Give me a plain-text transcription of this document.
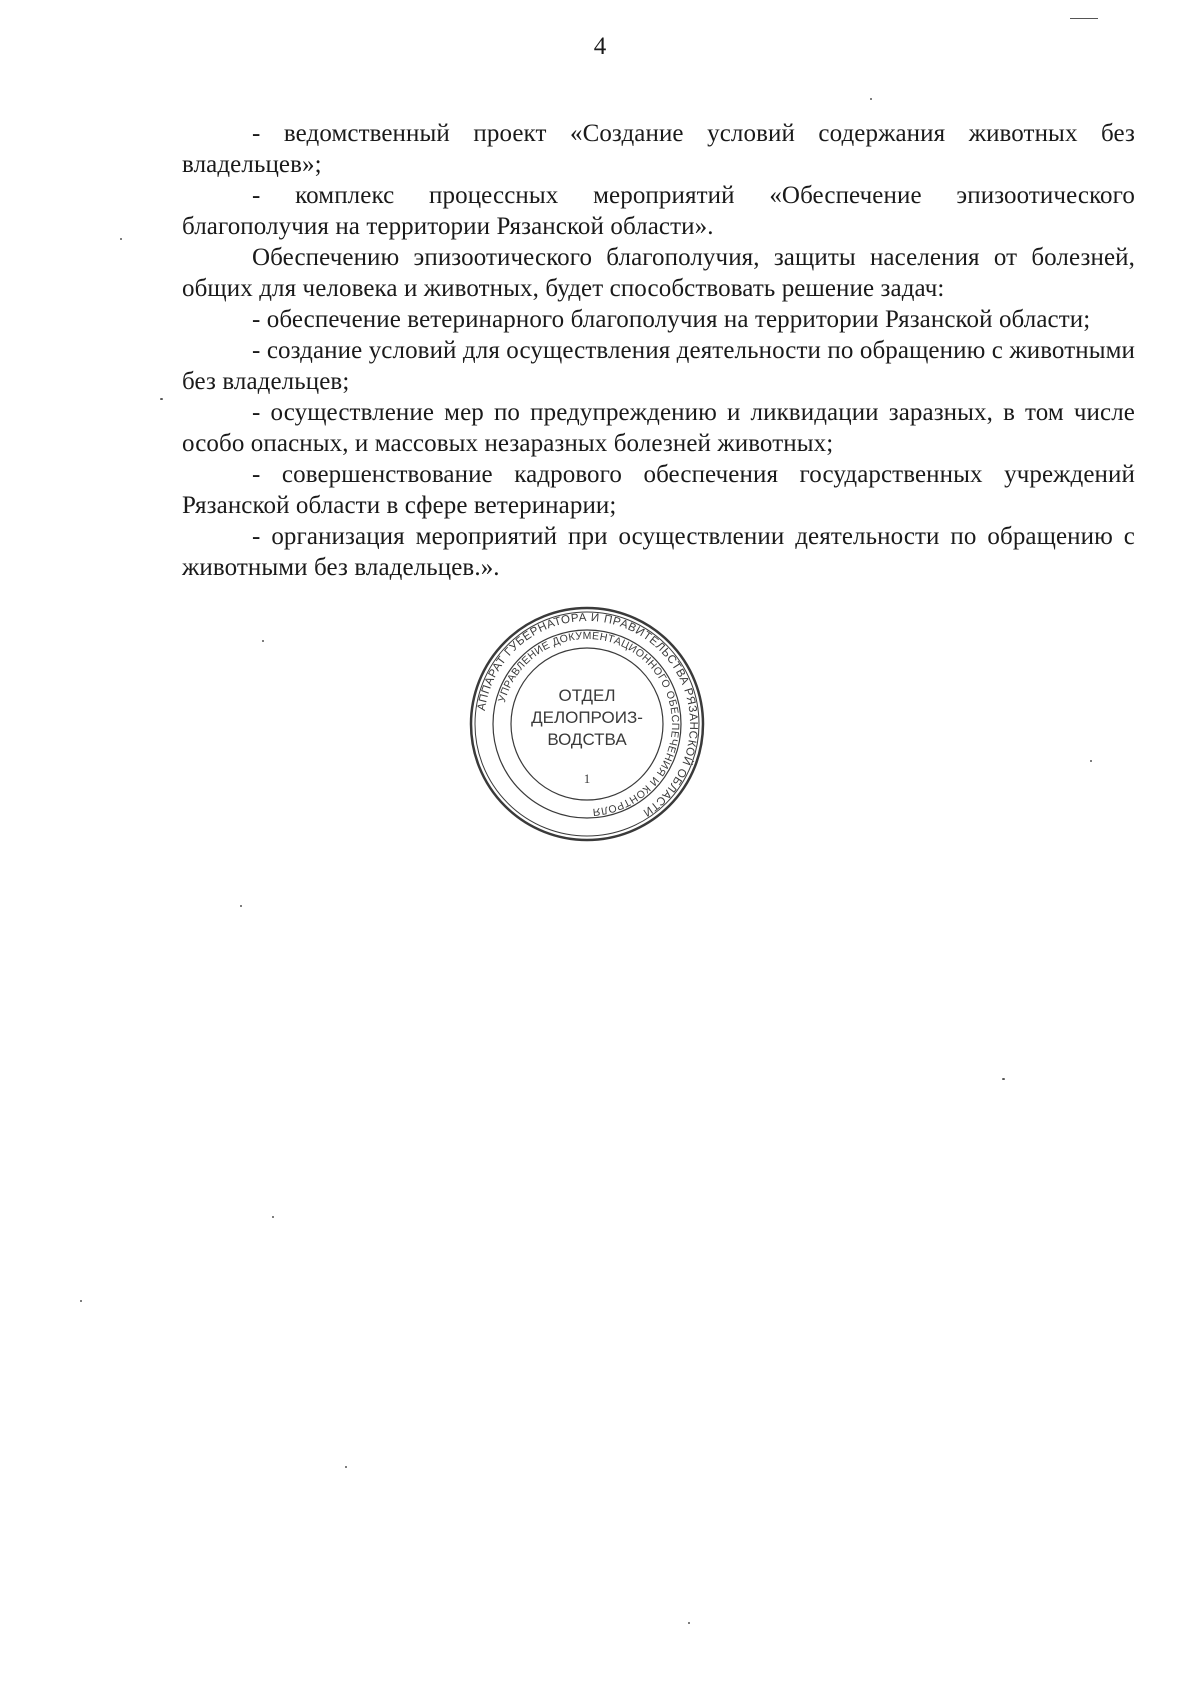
4

- ведомственный проект «Создание условий содержания животных без владельцев»;

- комплекс процессных мероприятий «Обеспечение эпизоотического благополучия на территории Рязанской области».

Обеспечению эпизоотического благополучия, защиты населения от болезней, общих для человека и животных, будет способствовать решение задач:

- обеспечение ветеринарного благополучия на территории Рязанской области;

- создание условий для осуществления деятельности по обращению с животными без владельцев;

- осуществление мер по предупреждению и ликвидации заразных, в том числе особо опасных, и массовых незаразных болезней животных;

- совершенствование кадрового обеспечения государственных учреждений Рязанской области в сфере ветеринарии;

- организация мероприятий при осуществлении деятельности по обращению с животными без владельцев.».

АППАРАТ ГУБЕРНАТОРА И ПРАВИТЕЛЬСТВА РЯЗАНСКОЙ ОБЛАСТИ
УПРАВЛЕНИЕ ДОКУМЕНТАЦИОННОГО ОБЕСПЕЧЕНИЯ И КОНТРОЛЯ
ОТДЕЛ
ДЕЛОПРОИЗ-
ВОДСТВА
1
